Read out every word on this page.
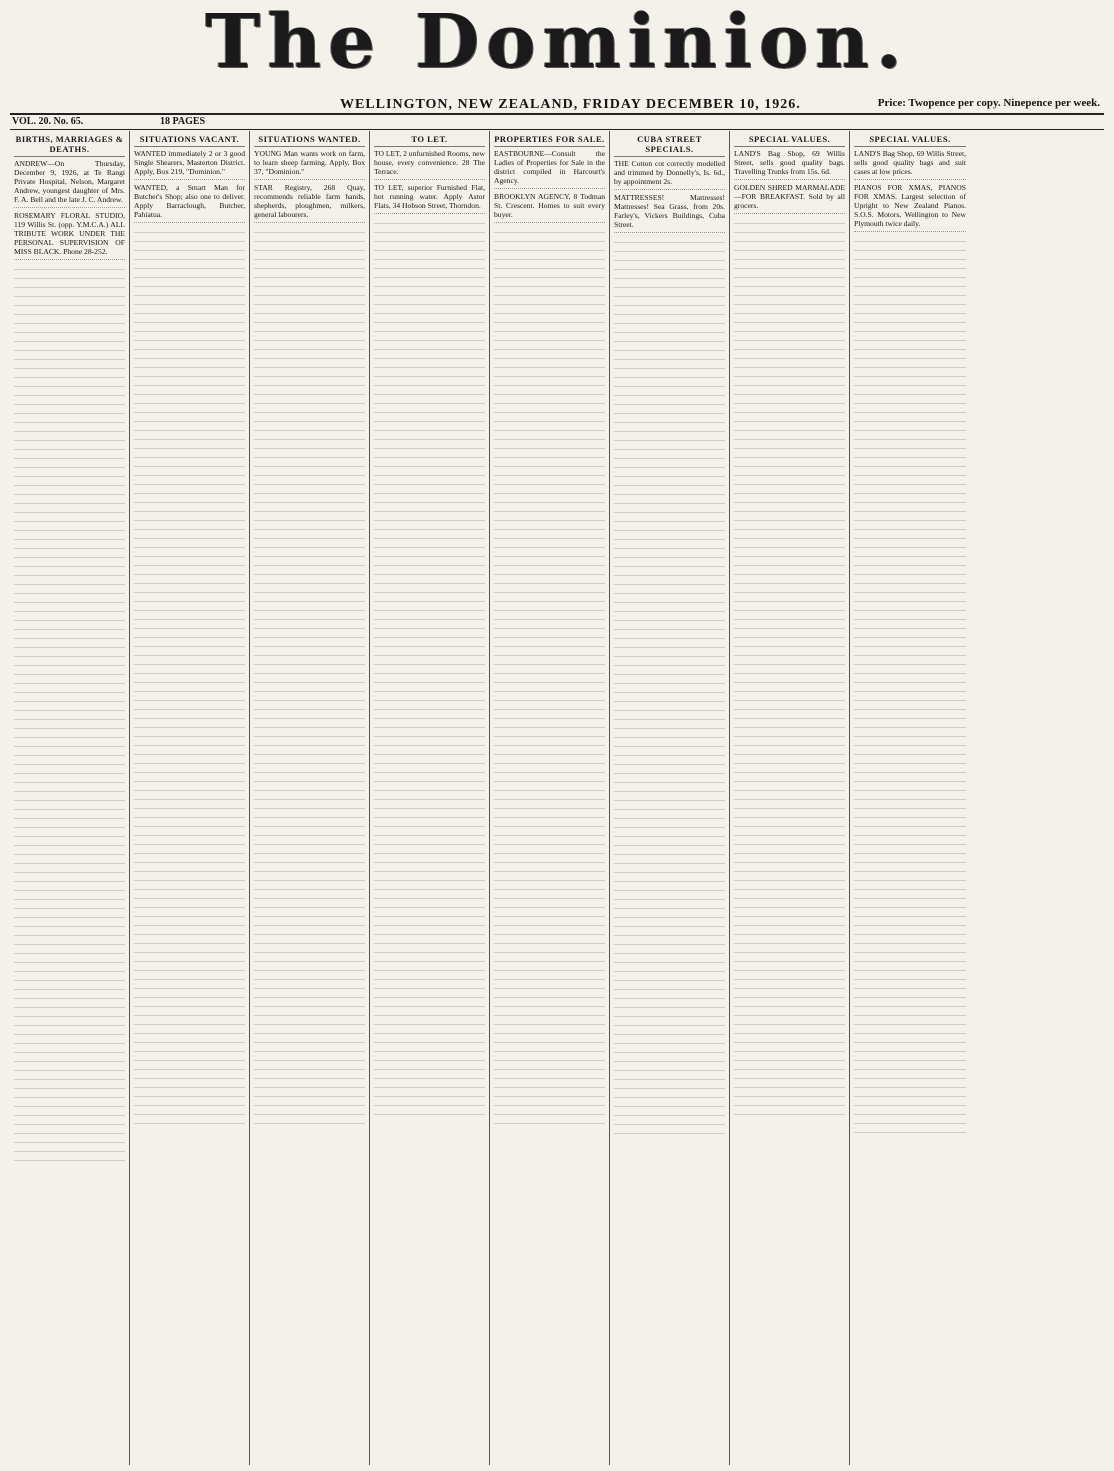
The Dominion.
WELLINGTON, NEW ZEALAND, FRIDAY DECEMBER 10, 1926.	Price: Twopence per copy. Ninepence per week.
VOL. 20. No. 65.	18 PAGES
BIRTHS, MARRIAGES & DEATHS.

ANDREW—On Thursday, December 9, 1926, at Te Rangi Private Hospital, Nelson, Margaret Andrew, youngest daughter of Mrs. F. A. Bell and the late J. C. Andrew.

ROSEMARY FLORAL STUDIO, 119 Willis St. (opp. Y.M.C.A.) ALL TRIBUTE WORK UNDER THE PERSONAL SUPERVISION OF MISS BLACK. Phone 28-252.

SITUATIONS VACANT.

WANTED immediately 2 or 3 good Single Shearers, Masterton District. Apply, Box 219, "Dominion."

WANTED, a Smart Man for Butcher's Shop; also one to deliver. Apply Barraclough, Butcher, Pahiatua.

SITUATIONS WANTED.

YOUNG Man wants work on farm, to learn sheep farming. Apply, Box 37, "Dominion."

STAR Registry, 268 Quay, recommends reliable farm hands, shepherds, ploughmen, milkers, general labourers.

TO LET.

TO LET, 2 unfurnished Rooms, new house, every convenience. 28 The Terrace.

TO LET, superior Furnished Flat, hot running water. Apply Astor Flats, 34 Hobson Street, Thorndon.

PROPERTIES FOR SALE.

EASTBOURNE—Consult the Ladies of Properties for Sale in the district compiled in Harcourt's Agency.

BROOKLYN AGENCY, 8 Todman St. Crescent. Homes to suit every buyer.

CUBA STREET SPECIALS.

THE Cotton cot correctly modelled and trimmed by Donnelly's, Is. 6d., by appointment 2s.

MATTRESSES! Mattresses! Mattresses! Sea Grass, from 20s. Farley's, Vickers Buildings, Cuba Street.

SPECIAL VALUES.

LAND'S Bag Shop, 69 Willis Street, sells good quality bags. Travelling Trunks from 15s. 6d.

GOLDEN SHRED MARMALADE—FOR BREAKFAST. Sold by all grocers.

SPECIAL VALUES.

LAND'S Bag Shop, 69 Willis Street, sells good quality bags and suit cases at low prices.

PIANOS FOR XMAS, PIANOS FOR XMAS. Largest selection of Upright to New Zealand Pianos. S.O.S. Motors, Wellington to New Plymouth twice daily.
